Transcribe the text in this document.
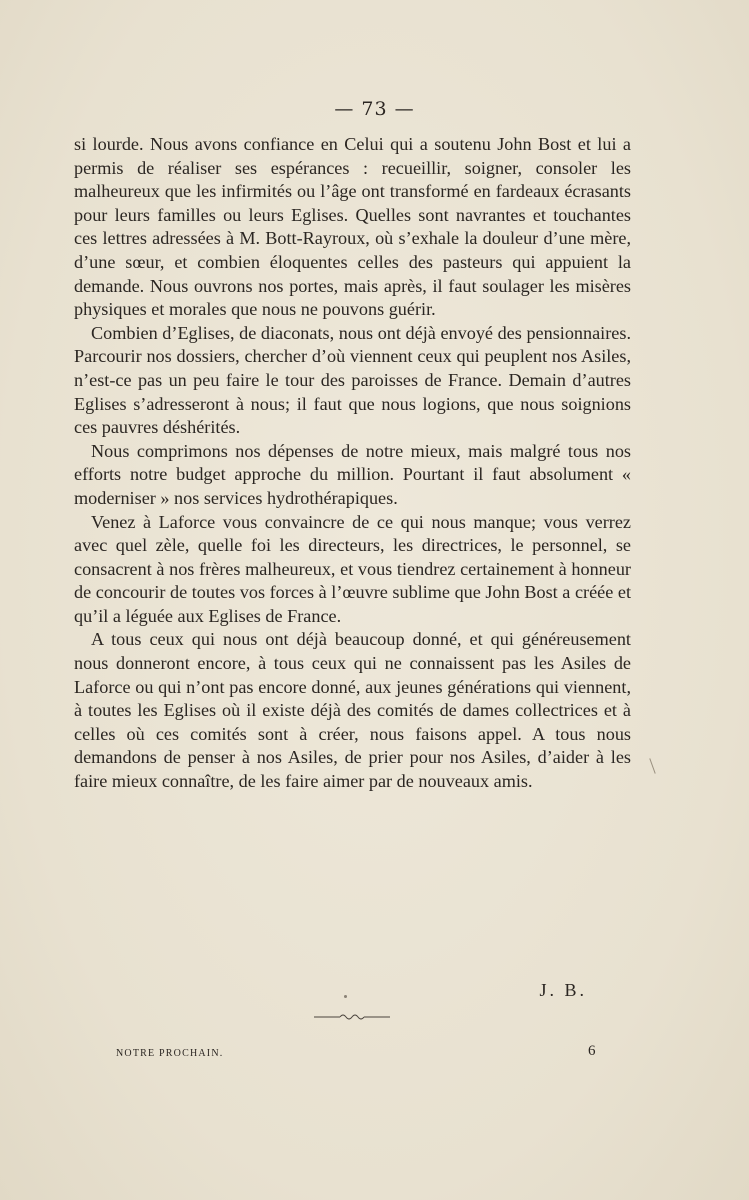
— 73 —

si lourde. Nous avons confiance en Celui qui a soutenu John Bost et lui a permis de réaliser ses espérances : recueillir, soigner, consoler les malheureux que les infirmités ou l’âge ont transformé en fardeaux écrasants pour leurs familles ou leurs Eglises. Quelles sont navrantes et touchantes ces lettres adressées à M. Bott-Rayroux, où s’exhale la douleur d’une mère, d’une sœur, et combien éloquentes celles des pasteurs qui appuient la demande. Nous ouvrons nos portes, mais après, il faut soulager les misères physiques et morales que nous ne pouvons guérir.

Combien d’Eglises, de diaconats, nous ont déjà envoyé des pensionnaires. Parcourir nos dossiers, chercher d’où viennent ceux qui peuplent nos Asiles, n’est-ce pas un peu faire le tour des paroisses de France. Demain d’autres Eglises s’adresseront à nous; il faut que nous logions, que nous soignions ces pauvres déshérités.

Nous comprimons nos dépenses de notre mieux, mais malgré tous nos efforts notre budget approche du million. Pourtant il faut absolument « moderniser » nos services hydrothérapiques.

Venez à Laforce vous convaincre de ce qui nous manque; vous verrez avec quel zèle, quelle foi les directeurs, les directrices, le personnel, se consacrent à nos frères malheureux, et vous tiendrez certainement à honneur de concourir de toutes vos forces à l’œuvre sublime que John Bost a créée et qu’il a léguée aux Eglises de France.

A tous ceux qui nous ont déjà beaucoup donné, et qui généreusement nous donneront encore, à tous ceux qui ne connaissent pas les Asiles de Laforce ou qui n’ont pas encore donné, aux jeunes générations qui viennent, à toutes les Eglises où il existe déjà des comités de dames collectrices et à celles où ces comités sont à créer, nous faisons appel. A tous nous demandons de penser à nos Asiles, de prier pour nos Asiles, d’aider à les faire mieux connaître, de les faire aimer par de nouveaux amis.

J. B.
NOTRE PROCHAIN.	6
